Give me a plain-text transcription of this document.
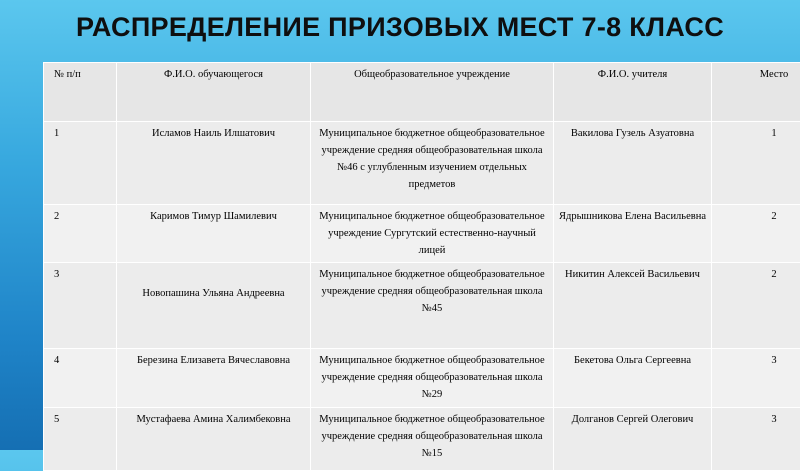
РАСПРЕДЕЛЕНИЕ ПРИЗОВЫХ МЕСТ 7-8 КЛАСС
№ п/п	Ф.И.О. обучающегося	Общеобразовательное учреждение	Ф.И.О. учителя	Место
1	Исламов Наиль Илшатович	Муниципальное бюджетное общеобразовательное учреждение средняя общеобразовательная школа №46 с углубленным изучением отдельных предметов	Вакилова Гузель Азуатовна	1
2	Каримов Тимур Шамилевич	Муниципальное бюджетное общеобразовательное учреждение Сургутский естественно-научный лицей	Ядрышникова Елена Васильевна	2
3	Новопашина Ульяна Андреевна	Муниципальное бюджетное общеобразовательное учреждение средняя общеобразовательная школа №45	Никитин Алексей Васильевич	2
4	Березина Елизавета Вячеславовна	Муниципальное бюджетное общеобразовательное учреждение средняя общеобразовательная школа №29	Бекетова Ольга Сергеевна	3
5	Мустафаева Амина Халимбековна	Муниципальное бюджетное общеобразовательное учреждение средняя общеобразовательная школа №15	Долганов Сергей Олегович	3
